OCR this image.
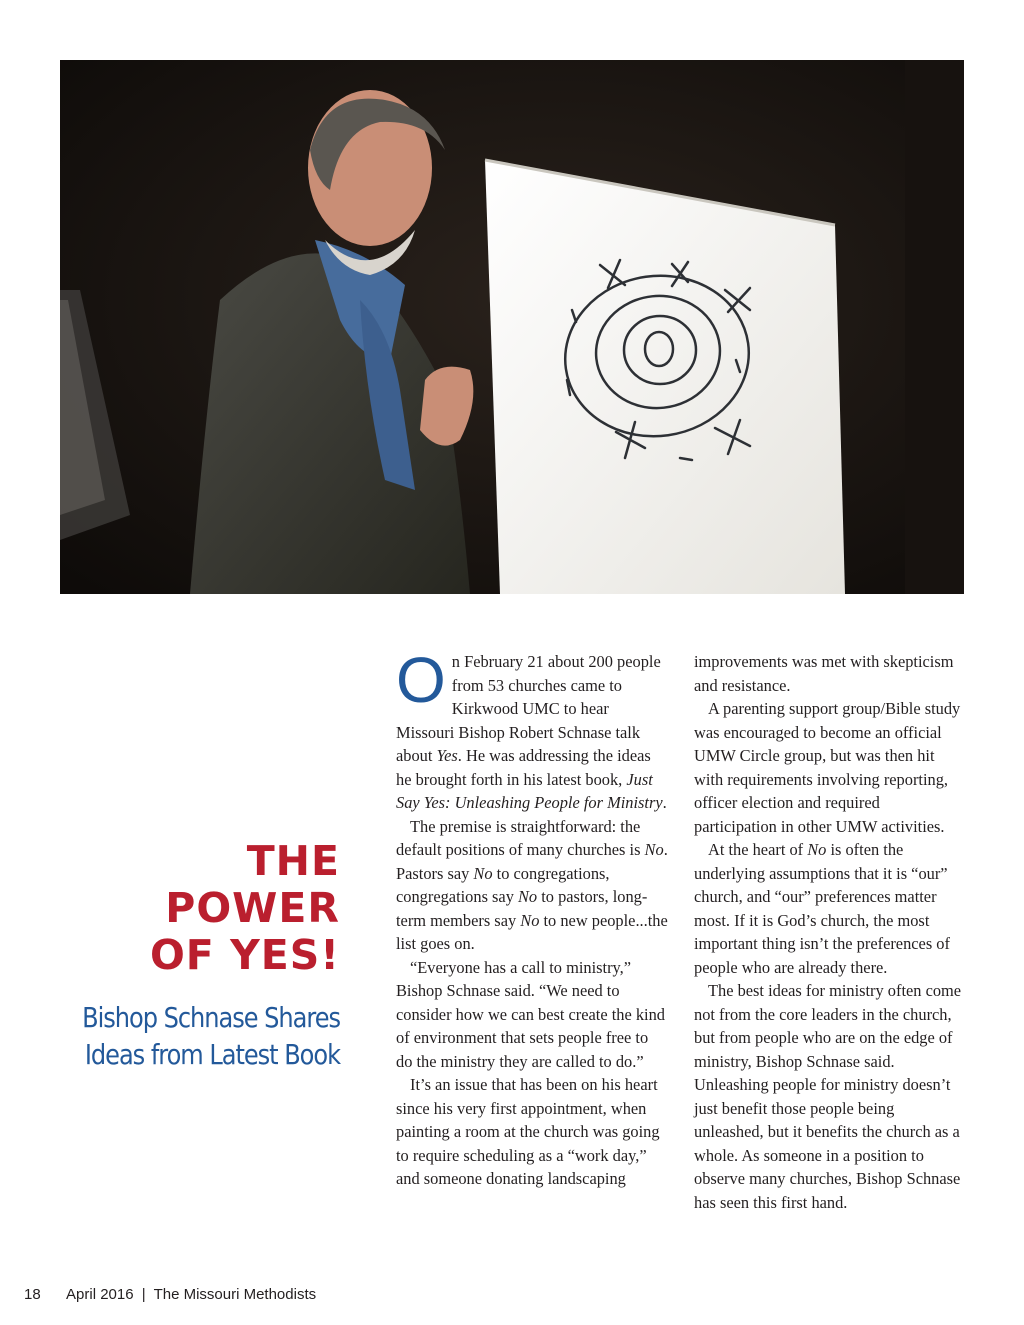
THE
POWER
OF YES!
Bishop Schnase Shares Ideas from Latest Book

On February 21 about 200 people from 53 churches came to Kirkwood UMC to hear Missouri Bishop Robert Schnase talk about Yes. He was addressing the ideas he brought forth in his latest book, Just Say Yes: Unleashing People for Ministry.

The premise is straightforward: the default positions of many churches is No. Pastors say No to congregations, congregations say No to pastors, long-term members say No to new people...the list goes on.

“Everyone has a call to ministry,” Bishop Schnase said. “We need to consider how we can best create the kind of environment that sets people free to do the ministry they are called to do.”

It’s an issue that has been on his heart since his very first appointment, when painting a room at the church was going to require scheduling as a “work day,” and someone donating landscaping

improvements was met with skepticism and resistance.

A parenting support group/Bible study was encouraged to become an official UMW Circle group, but was then hit with requirements involving reporting, officer election and required participation in other UMW activities.

At the heart of No is often the underlying assumptions that it is “our” church, and “our” preferences matter most. If it is God’s church, the most important thing isn’t the preferences of people who are already there.

The best ideas for ministry often come not from the core leaders in the church, but from people who are on the edge of ministry, Bishop Schnase said. Unleashing people for ministry doesn’t just benefit those people being unleashed, but it benefits the church as a whole. As someone in a position to observe many churches, Bishop Schnase has seen this first hand.

18 April 2016 | The Missouri Methodists
